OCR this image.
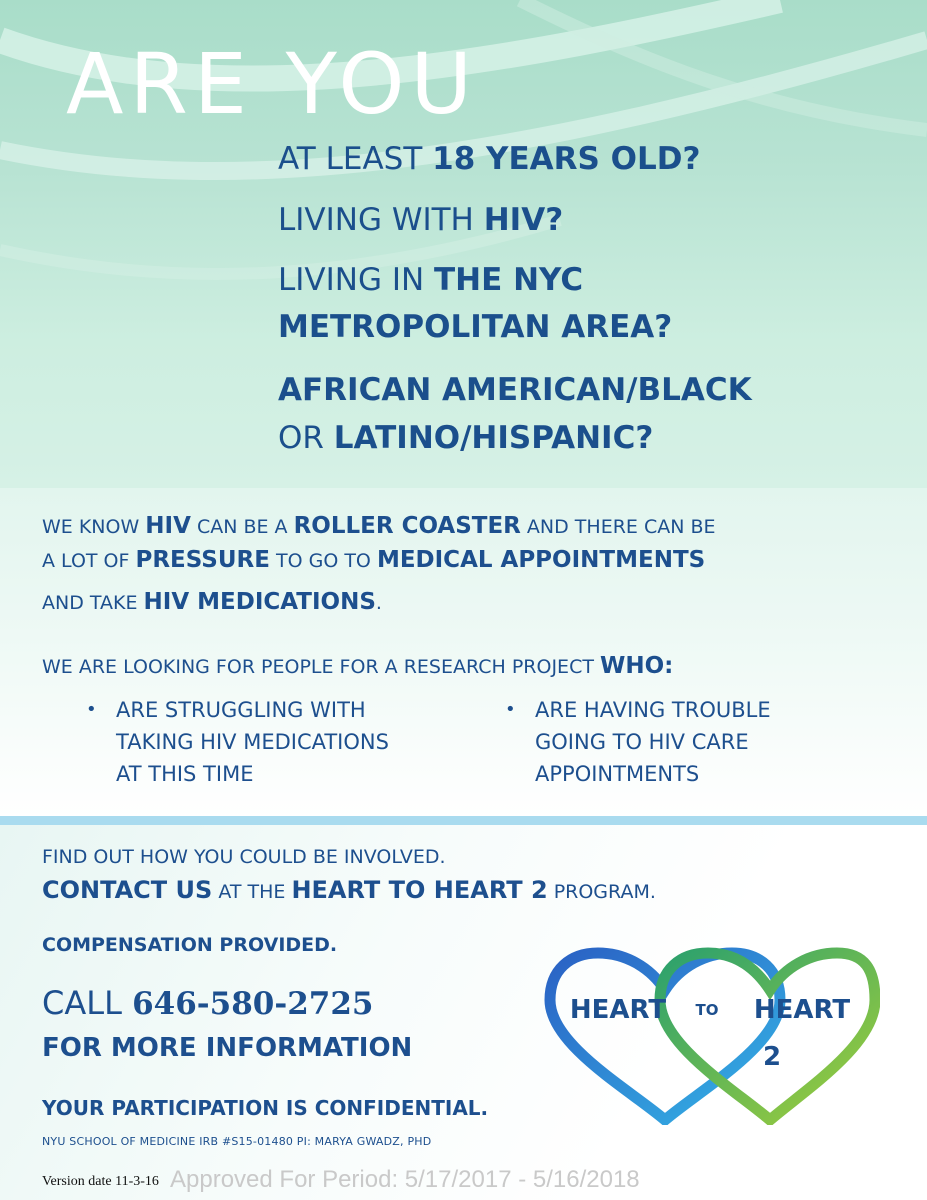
ARE YOU

AT LEAST 18 YEARS OLD?

LIVING WITH HIV?

LIVING IN THE NYC

METROPOLITAN AREA?

AFRICAN AMERICAN/BLACK

OR LATINO/HISPANIC?

WE KNOW HIV CAN BE A ROLLER COASTER AND THERE CAN BE

A LOT OF PRESSURE TO GO TO MEDICAL APPOINTMENTS

AND TAKE HIV MEDICATIONS.

WE ARE LOOKING FOR PEOPLE FOR A RESEARCH PROJECT WHO:

• ARE STRUGGLING WITH
TAKING HIV MEDICATIONS
AT THIS TIME
• ARE HAVING TROUBLE
GOING TO HIV CARE
APPOINTMENTS

FIND OUT HOW YOU COULD BE INVOLVED.

CONTACT US AT THE HEART TO HEART 2 PROGRAM.

COMPENSATION PROVIDED.

CALL 646-580-2725

FOR MORE INFORMATION

YOUR PARTICIPATION IS CONFIDENTIAL.

HEART TO HEART
2

NYU SCHOOL OF MEDICINE IRB #S15-01480 PI: MARYA GWADZ, PHD

Version date 11-3-16 Approved For Period: 5/17/2017 - 5/16/2018
